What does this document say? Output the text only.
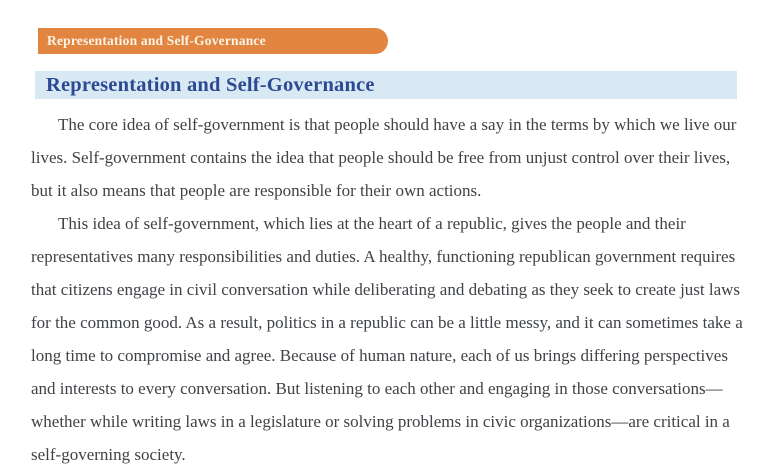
Representation and Self-Governance
Representation and Self-Governance

The core idea of self-government is that people should have a say in the terms by which we live our lives. Self-government contains the idea that people should be free from unjust control over their lives, but it also means that people are responsible for their own actions.

This idea of self-government, which lies at the heart of a republic, gives the people and their representatives many responsibilities and duties. A healthy, functioning republican government requires that citizens engage in civil conversation while deliberating and debating as they seek to create just laws for the common good. As a result, politics in a republic can be a little messy, and it can sometimes take a long time to compromise and agree. Because of human nature, each of us brings differing perspectives and interests to every conversation. But listening to each other and engaging in those conversations—whether while writing laws in a legislature or solving problems in civic organizations—are critical in a self-governing society.
